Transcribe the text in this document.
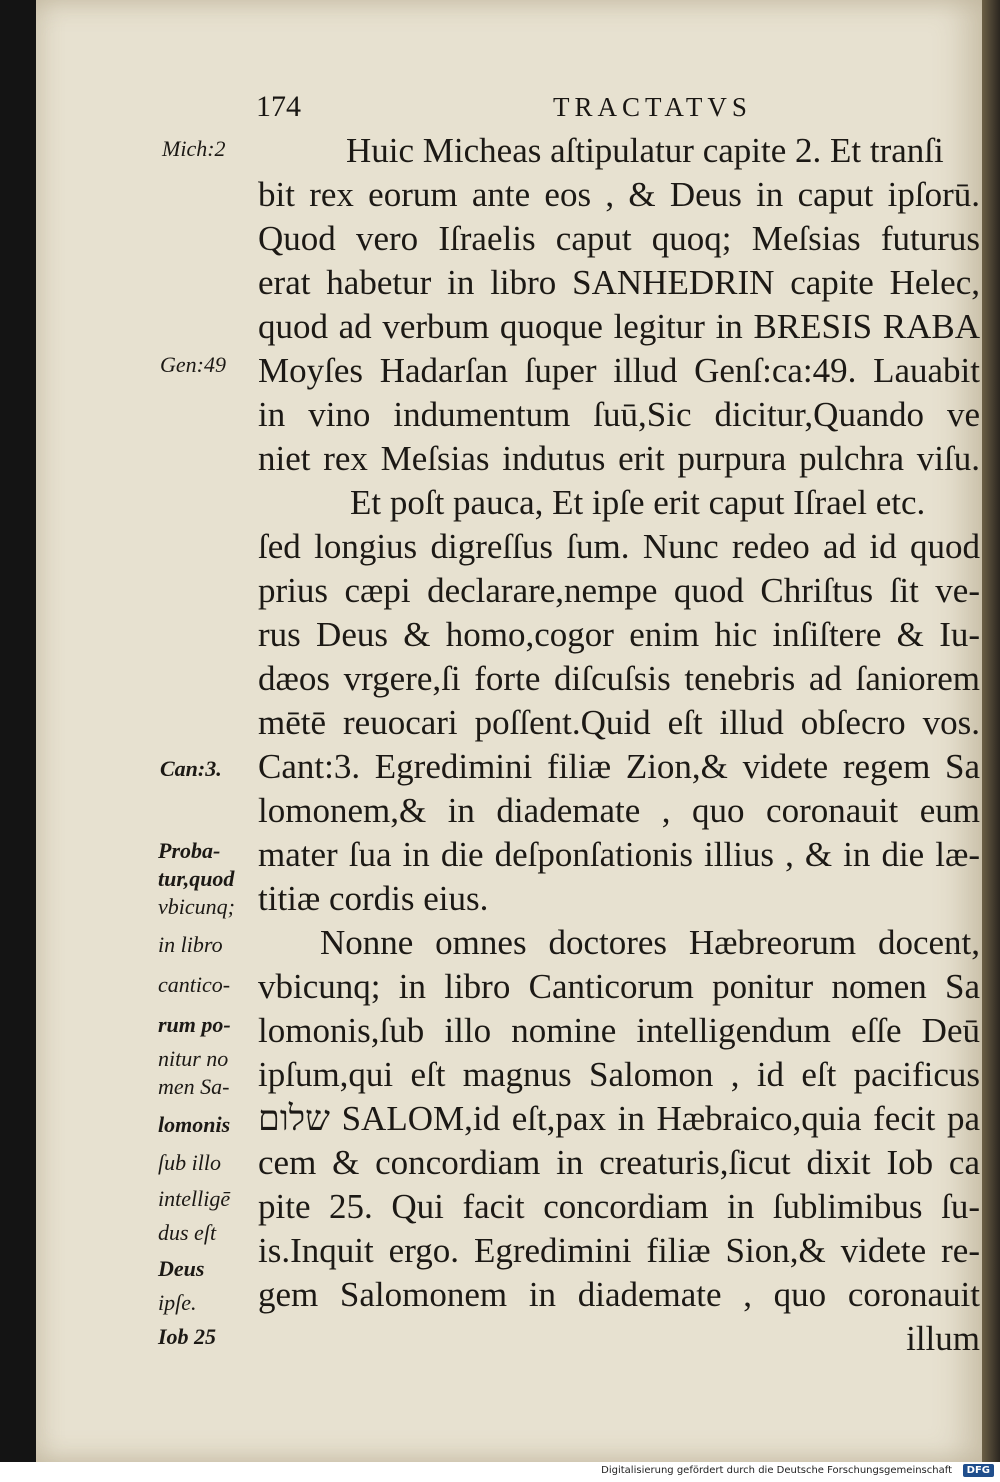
174	TRACTATVS
Huic Micheas aſtipulatur capite 2. Et tranſi
bit rex eorum ante eos , & Deus in caput ipſorū.
Quod vero Iſraelis caput quoq; Meſsias futurus
erat habetur in libro SANHEDRIN capite Helec,
quod ad verbum quoque legitur in BRESIS RABA
Moyſes Hadarſan ſuper illud Genſ:ca:49. Lauabit
in vino indumentum ſuū,Sic dicitur,Quando ve
niet rex Meſsias indutus erit purpura pulchra viſu.
Et poſt pauca, Et ipſe erit caput Iſrael etc.
ſed longius digreſſus ſum. Nunc redeo ad id quod
prius cæpi declarare,nempe quod Chriſtus ſit ve-
rus Deus & homo,cogor enim hic inſiſtere & Iu-
dæos vrgere,ſi forte diſcuſsis tenebris ad ſaniorem
mētē reuocari poſſent.Quid eſt illud obſecro vos.
Cant:3. Egredimini filiæ Zion,& videte regem Sa
lomonem,& in diademate , quo coronauit eum
mater ſua in die deſponſationis illius , & in die læ-
titiæ cordis eius.
Nonne omnes doctores Hæbreorum docent,
vbicunq; in libro Canticorum ponitur nomen Sa
lomonis,ſub illo nomine intelligendum eſſe Deū
ipſum,qui eſt magnus Salomon , id eſt pacificus
שלום SALOM,id eſt,pax in Hæbraico,quia fecit pa
cem & concordiam in creaturis,ſicut dixit Iob ca
pite 25. Qui facit concordiam in ſublimibus ſu-
is.Inquit ergo. Egredimini filiæ Sion,& videte re-
gem Salomonem in diademate , quo coronauit
illum
Mich:2
Gen:49
Can:3.
Proba-
tur,quod
vbicunq;
in libro
cantico-
rum po-
nitur no
men Sa-
lomonis
ſub illo
intelligē
dus eſt
Deus
ipſe.
Iob 25
Digitalisierung gefördert durch die Deutsche Forschungsgemeinschaft	DFG
